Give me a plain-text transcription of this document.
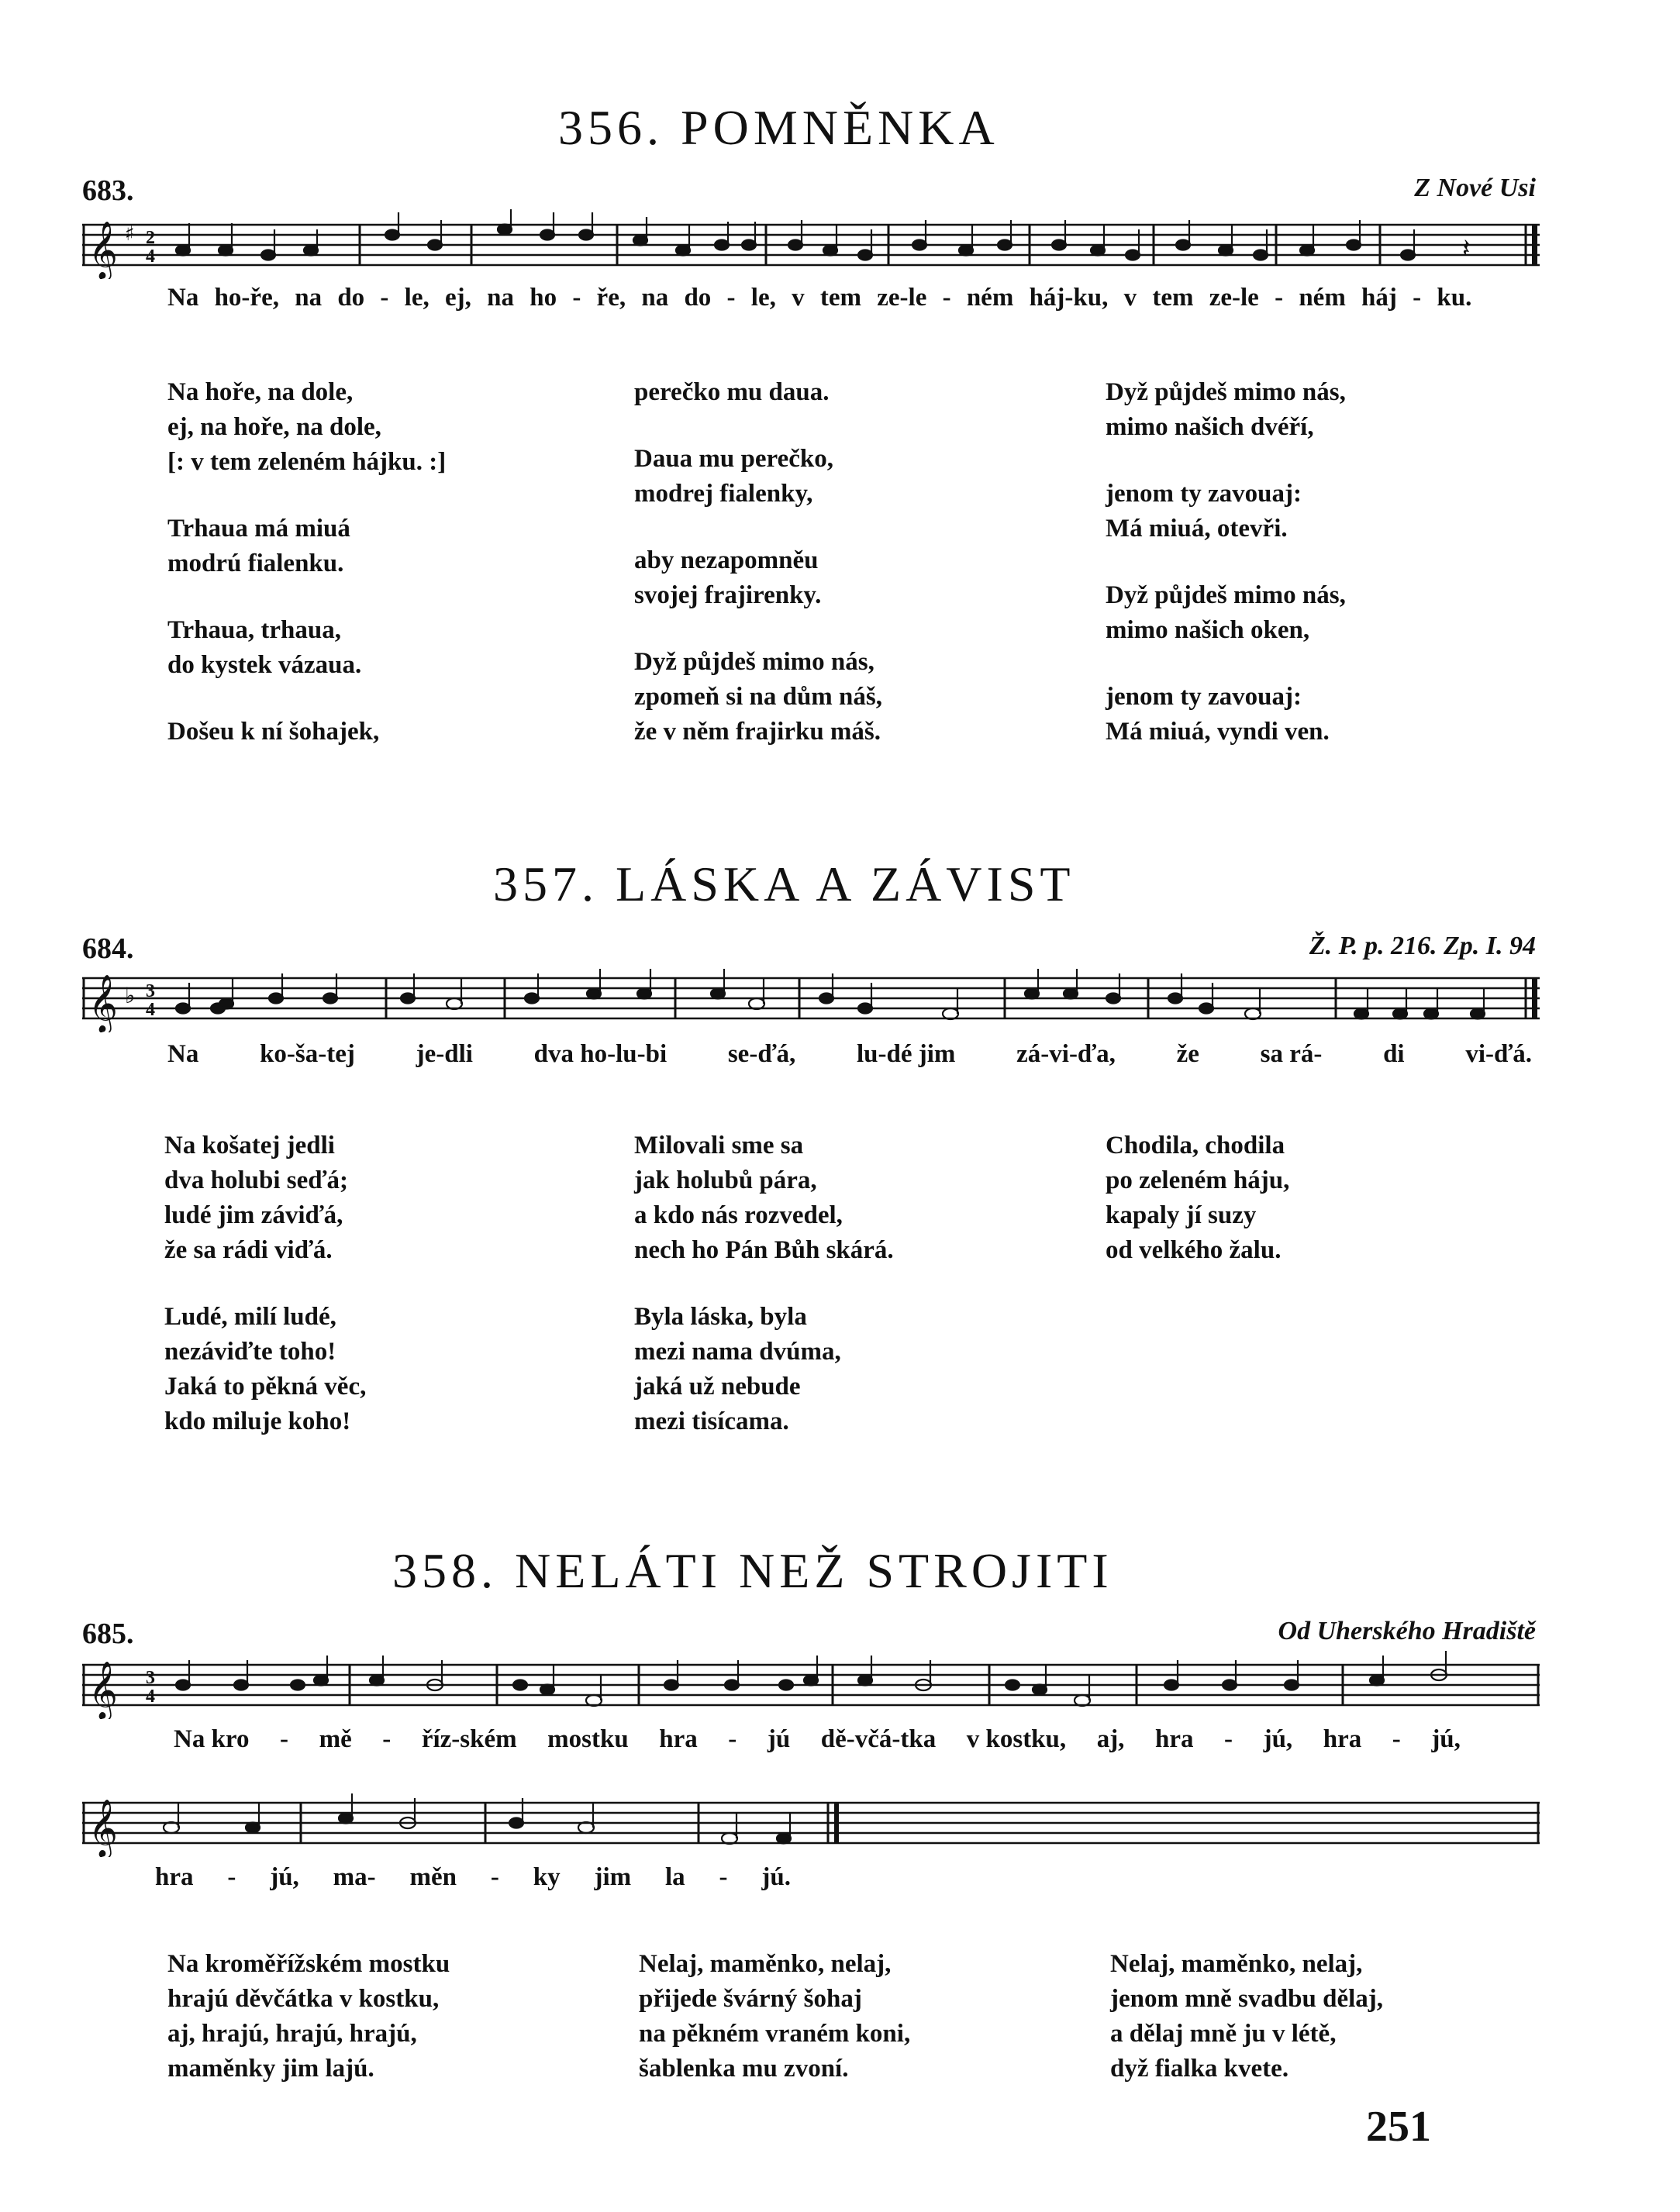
356. POMNĚNKA
683.	Z Nové Usi
𝄞 ♯ 2
4	𝄽
Na ho-ře, na do - le, ej, na ho - ře, na do - le, v tem ze-le - ném háj-ku, v tem ze-le - ném háj - ku.
Na hoře, na dole,
ej, na hoře, na dole,
[: v tem zeleném hájku. :]
Trhaua má miuá
modrú fialenku.
Trhaua, trhaua,
do kystek vázaua.
Došeu k ní šohajek,
perečko mu daua.
Daua mu perečko,
modrej fialenky,
aby nezapomněu
svojej frajirenky.
Dyž půjdeš mimo nás,
zpomeň si na dům náš,
že v něm frajirku máš.
Dyž půjdeš mimo nás,
mimo našich dvéří,
jenom ty zavouaj:
Má miuá, otevři.
Dyž půjdeš mimo nás,
mimo našich oken,
jenom ty zavouaj:
Má miuá, vyndi ven.
357. LÁSKA A ZÁVIST
684.	Ž. P. p. 216. Zp. I. 94
𝄞 ♭ 3
4
Na ko-ša-tej je-dli dva ho-lu-bi se-ďá, lu-dé jim zá-vi-ďa, že sa rá- di vi-ďá.
Na košatej jedli
dva holubi seďá;
ludé jim záviďá,
že sa rádi viďá.
Ludé, milí ludé,
nezáviďte toho!
Jaká to pěkná věc,
kdo miluje koho!
Milovali sme sa
jak holubů pára,
a kdo nás rozvedel,
nech ho Pán Bůh skárá.
Byla láska, byla
mezi nama dvúma,
jaká už nebude
mezi tisícama.
Chodila, chodila
po zeleném háju,
kapaly jí suzy
od velkého žalu.
358. NELÁTI NEŽ STROJITI
685.	Od Uherského Hradiště
𝄞 3
4
Na kro - mě - říz-ském mostku hra - jú dě-včá-tka v kostku, aj, hra - jú, hra - jú,
𝄞
hra - jú, ma- měn - ky jim la - jú.
Na kroměřížském mostku
hrajú děvčátka v kostku,
aj, hrajú, hrajú, hrajú,
maměnky jim lajú.
Nelaj, maměnko, nelaj,
přijede švárný šohaj
na pěkném vraném koni,
šablenka mu zvoní.
Nelaj, maměnko, nelaj,
jenom mně svadbu dělaj,
a dělaj mně ju v létě,
dyž fialka kvete.
251
